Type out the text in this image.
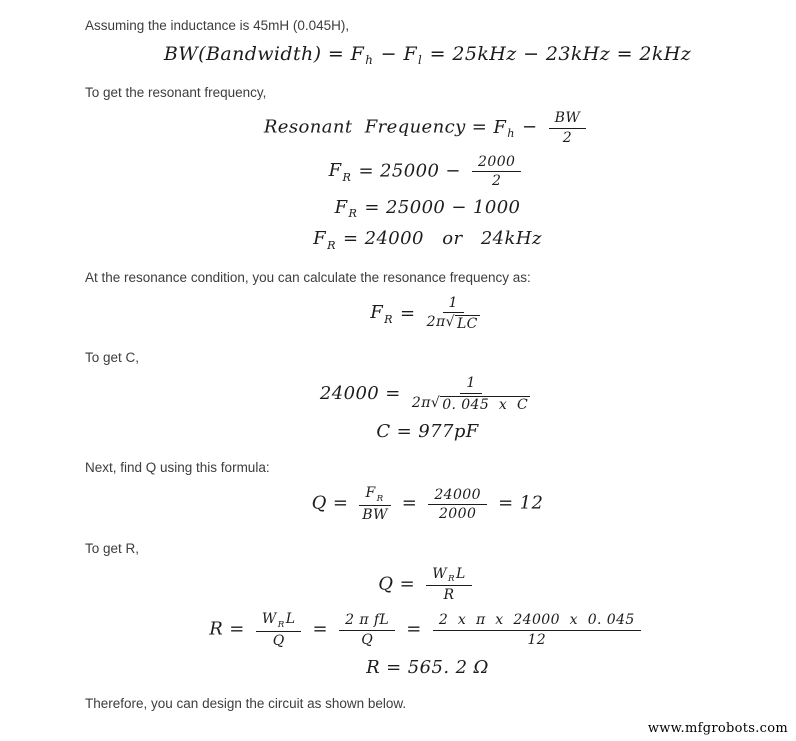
Assuming the inductance is 45mH (0.045H),
BW(Bandwidth) = $F_h - F_l = 25kHz - 23kHz = 2kHz$
To get the resonant frequency,
Resonant  Frequency = $F_h - \frac{BW}{2}$
$F_R = 25000 - \frac{2000}{2}$
$F_R = 25000 - 1000$
$F_R = 24000$   or   24kHz
At the resonance condition, you can calculate the resonance frequency as:
$F_R = \frac{1}{2\pi √ LC}$
To get C,
$24000 = \frac{1}{\text{2π √ 0. 045  x  C}}$
C = 977pF
Next, find Q using this formula:
$Q = \frac{F_R}{BW} = \frac{24000}{2000} = 12$
To get R,
$Q = W_RL$
R
$R = W_RL$
Q
= $\frac{\text{2 π fL}}{Q} = \frac{\text{2  x  π  x  24000  x  0. 045}}{12}$
R = 565. 2 Ω
Therefore, you can design the circuit as shown below.
www.mfgrobots.com
